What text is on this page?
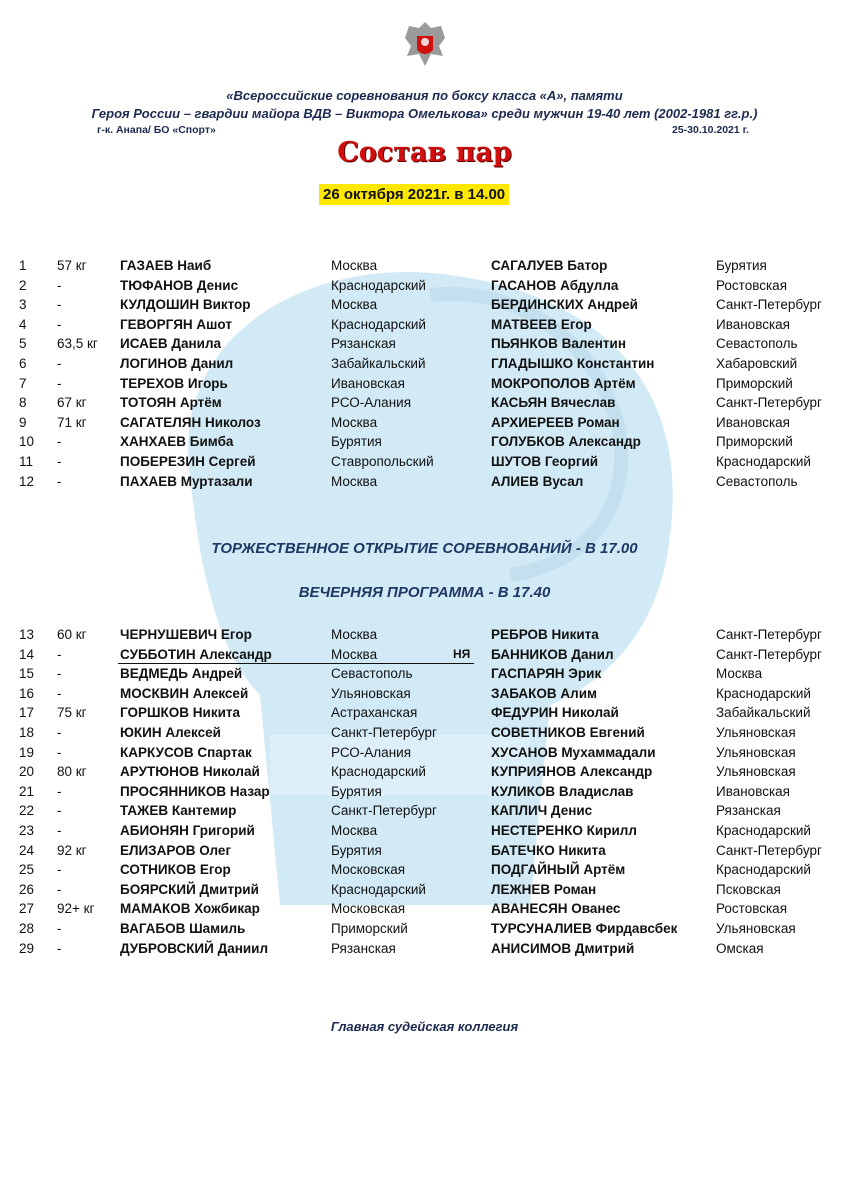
«Всероссийские соревнования по боксу класса «А», памяти
Героя России – гвардии майора ВДВ – Виктора Омелькова» среди мужчин 19-40 лет (2002-1981 гг.р.)
г-к. Анапа/ БО «Спорт»	25-30.10.2021 г.
Состав пар
26 октября 2021г. в 14.00
1 57 кг ГАЗАЕВ Наиб	Москва	САГАЛУЕВ Батор	Бурятия
2 -	ТЮФАНОВ Денис	Краснодарский	ГАСАНОВ Абдулла	Ростовская
3 -	КУЛДОШИН Виктор	Москва	БЕРДИНСКИХ Андрей	Санкт-Петербург
4 -	ГЕВОРГЯН Ашот	Краснодарский	МАТВЕЕВ Егор	Ивановская
5 63,5 кг ИСАЕВ Данила	Рязанская	ПЬЯНКОВ Валентин	Севастополь
6 -	ЛОГИНОВ Данил	Забайкальский	ГЛАДЫШКО Константин	Хабаровский
7 -	ТЕРЕХОВ Игорь	Ивановская	МОКРОПОЛОВ Артём	Приморский
8 67 кг ТОТОЯН Артём	РСО-Алания	КАСЬЯН Вячеслав	Санкт-Петербург
9 71 кг САГАТЕЛЯН Николоз	Москва	АРХИЕРЕЕВ Роман	Ивановская
10 -	ХАНХАЕВ Бимба	Бурятия	ГОЛУБКОВ Александр	Приморский
11 -	ПОБЕРЕЗИН Сергей	Ставропольский	ШУТОВ Георгий	Краснодарский
12 -	ПАХАЕВ Муртазали	Москва	АЛИЕВ Вусал	Севастополь
ТОРЖЕСТВЕННОЕ ОТКРЫТИЕ СОРЕВНОВАНИЙ - В 17.00
ВЕЧЕРНЯЯ ПРОГРАММА - В 17.40
13 60 кг ЧЕРНУШЕВИЧ Егор	Москва	РЕБРОВ Никита	Санкт-Петербург
14 -	СУББОТИН Александр	Москва	НЯ БАННИКОВ Данил	Санкт-Петербург
15 -	ВЕДМЕДЬ Андрей	Севастополь	ГАСПАРЯН Эрик	Москва
16 -	МОСКВИН Алексей	Ульяновская	ЗАБАКОВ Алим	Краснодарский
17 75 кг ГОРШКОВ Никита	Астраханская	ФЕДУРИН Николай	Забайкальский
18 -	ЮКИН Алексей	Санкт-Петербург	СОВЕТНИКОВ Евгений	Ульяновская
19 -	КАРКУСОВ Спартак	РСО-Алания	ХУСАНОВ Мухаммадали	Ульяновская
20 80 кг АРУТЮНОВ Николай	Краснодарский	КУПРИЯНОВ Александр	Ульяновская
21 -	ПРОСЯННИКОВ Назар	Бурятия	КУЛИКОВ Владислав	Ивановская
22 -	ТАЖЕВ Кантемир	Санкт-Петербург	КАПЛИЧ Денис	Рязанская
23 -	АБИОНЯН Григорий	Москва	НЕСТЕРЕНКО Кирилл	Краснодарский
24 92 кг ЕЛИЗАРОВ Олег	Бурятия	БАТЕЧКО Никита	Санкт-Петербург
25 -	СОТНИКОВ Егор	Московская	ПОДГАЙНЫЙ Артём	Краснодарский
26 -	БОЯРСКИЙ Дмитрий	Краснодарский	ЛЕЖНЕВ Роман	Псковская
27 92+ кг МАМАКОВ Хожбикар	Московская	АВАНЕСЯН Ованес	Ростовская
28 -	ВАГАБОВ Шамиль	Приморский	ТУРСУНАЛИЕВ Фирдавсбек	Ульяновская
29 -	ДУБРОВСКИЙ Даниил	Рязанская	АНИСИМОВ Дмитрий	Омская
Главная судейская коллегия
